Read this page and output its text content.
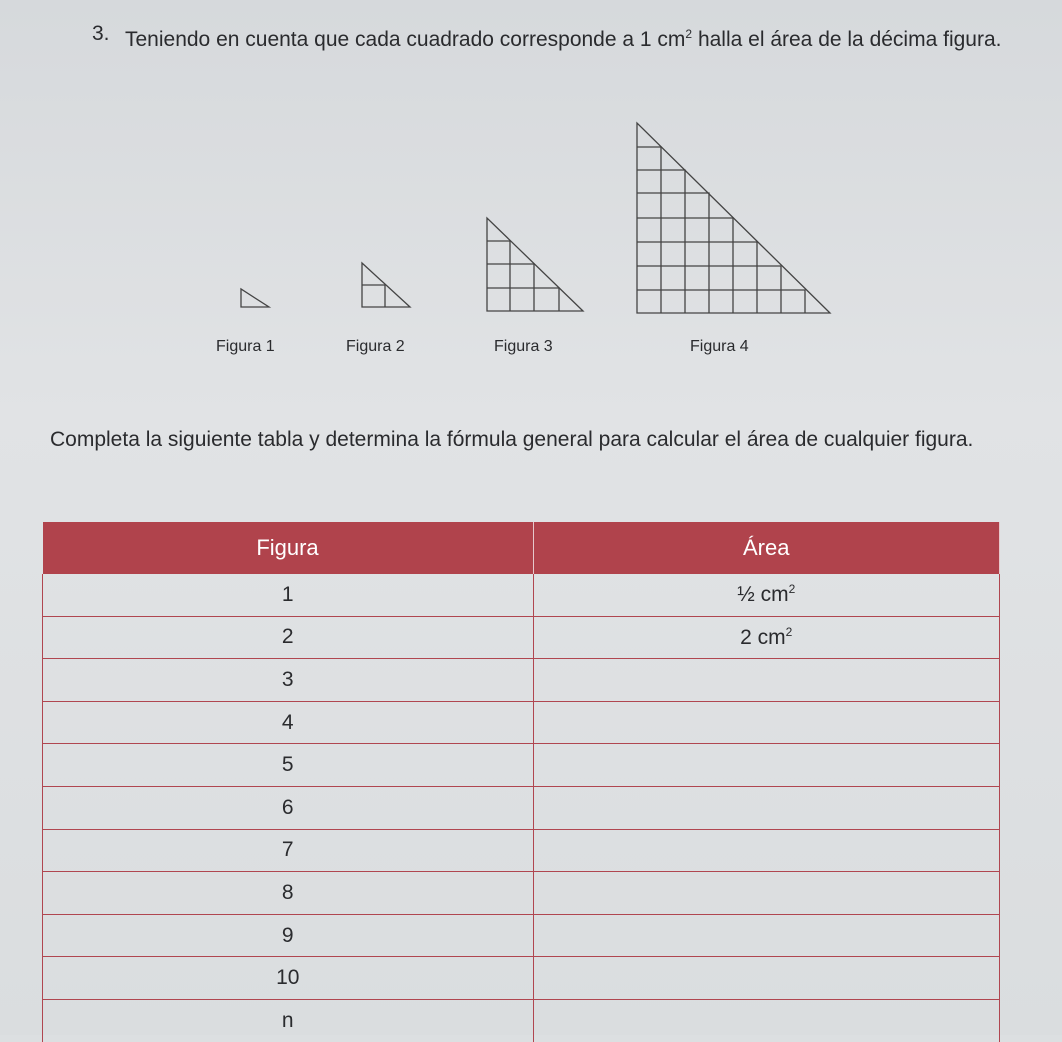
3. Teniendo en cuenta que cada cuadrado corresponde a 1 $cm^2$ halla el área de la décima figura.
Figura 1	Figura 2	Figura 3	Figura 4
Completa la siguiente tabla y determina la fórmula general para calcular el área de cualquier figura.
Figura	Área
1	½ $cm^2$
2	2 $cm^2$
3	
4	
5	
6	
7	
8	
9	
10	
n	
